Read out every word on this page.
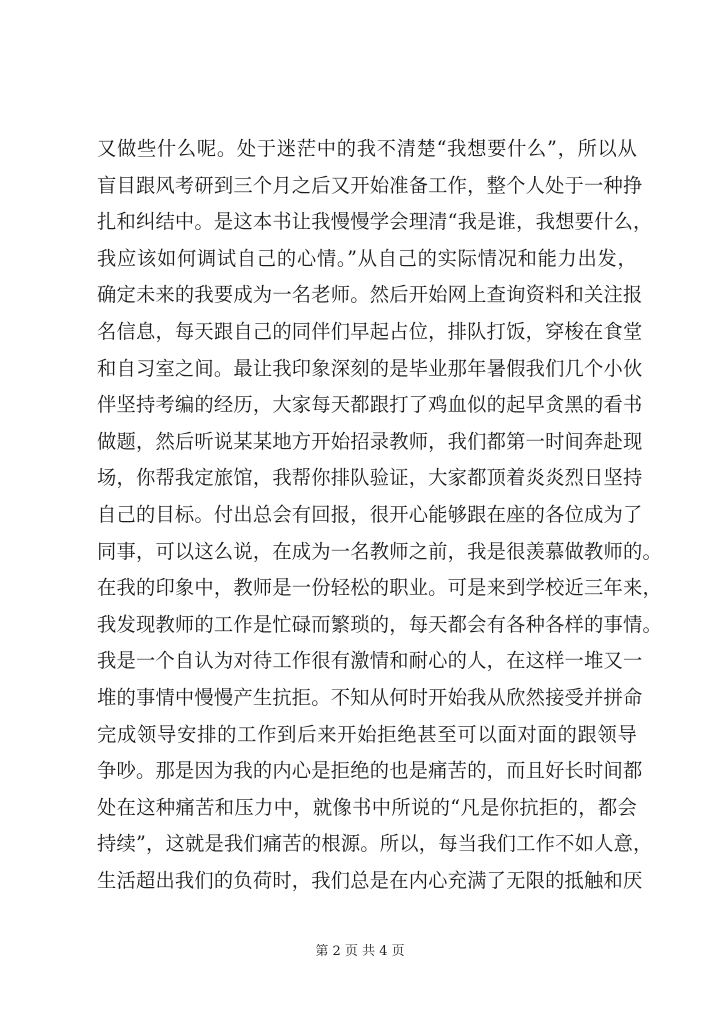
又做些什么呢。处于迷茫中的我不清楚“我想要什么”，所以从
盲目跟风考研到三个月之后又开始准备工作，整个人处于一种挣
扎和纠结中。是这本书让我慢慢学会理清“我是谁，我想要什么，
我应该如何调试自己的心情。”从自己的实际情况和能力出发，
确定未来的我要成为一名老师。然后开始网上查询资料和关注报
名信息，每天跟自己的同伴们早起占位，排队打饭，穿梭在食堂
和自习室之间。最让我印象深刻的是毕业那年暑假我们几个小伙
伴坚持考编的经历，大家每天都跟打了鸡血似的起早贪黑的看书
做题，然后听说某某地方开始招录教师，我们都第一时间奔赴现
场，你帮我定旅馆，我帮你排队验证，大家都顶着炎炎烈日坚持
自己的目标。付出总会有回报，很开心能够跟在座的各位成为了
同事，可以这么说，在成为一名教师之前，我是很羡慕做教师的。
在我的印象中，教师是一份轻松的职业。可是来到学校近三年来，
我发现教师的工作是忙碌而繁琐的，每天都会有各种各样的事情。
我是一个自认为对待工作很有激情和耐心的人，在这样一堆又一
堆的事情中慢慢产生抗拒。不知从何时开始我从欣然接受并拼命
完成领导安排的工作到后来开始拒绝甚至可以面对面的跟领导
争吵。那是因为我的内心是拒绝的也是痛苦的，而且好长时间都
处在这种痛苦和压力中，就像书中所说的“凡是你抗拒的，都会
持续”，这就是我们痛苦的根源。所以，每当我们工作不如人意，
生活超出我们的负荷时，我们总是在内心充满了无限的抵触和厌
第 2 页 共 4 页
